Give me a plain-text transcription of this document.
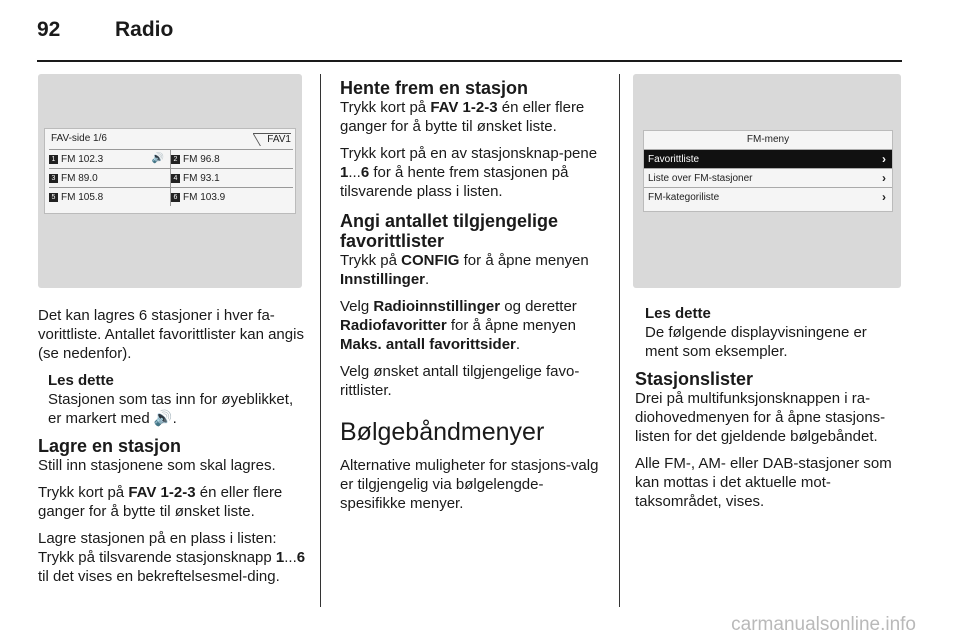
92	Radio
FAV-side 1/6	FAV1
1 FM 102.3	🔊	2 FM 96.8
3 FM 89.0	4 FM 93.1
5 FM 105.8	6 FM 103.9
FM-meny
Favorittliste	›
Liste over FM-stasjoner	›
FM-kategoriliste	›

Det kan lagres 6 stasjoner i hver fa-vorittliste. Antallet favorittlister kan angis (se nedenfor).

Les dette
Stasjonen som tas inn for øyeblikket, er markert med 🔊.
Lagre en stasjon

Still inn stasjonene som skal lagres.

Trykk kort på FAV 1-2-3 én eller flere ganger for å bytte til ønsket liste.

Lagre stasjonen på en plass i listen: Trykk på tilsvarende stasjonsknapp 1...6 til det vises en bekreftelsesmel-ding.

Hente frem en stasjon

Trykk kort på FAV 1-2-3 én eller flere ganger for å bytte til ønsket liste.

Trykk kort på en av stasjonsknap-pene 1...6 for å hente frem stasjonen på tilsvarende plass i listen.

Angi antallet tilgjengelige favorittlister

Trykk på CONFIG for å åpne menyen Innstillinger.

Velg Radioinnstillinger og deretter Radiofavoritter for å åpne menyen Maks. antall favorittsider.

Velg ønsket antall tilgjengelige favo-rittlister.

Bølgebåndmenyer

Alternative muligheter for stasjons-valg er tilgjengelig via bølgelengde-spesifikke menyer.

Les dette
De følgende displayvisningene er ment som eksempler.
Stasjonslister

Drei på multifunksjonsknappen i ra-diohovedmenyen for å åpne stasjons-listen for det gjeldende bølgebåndet.

Alle FM-, AM- eller DAB-stasjoner som kan mottas i det aktuelle mot-taksområdet, vises.

carmanualsonline.info
